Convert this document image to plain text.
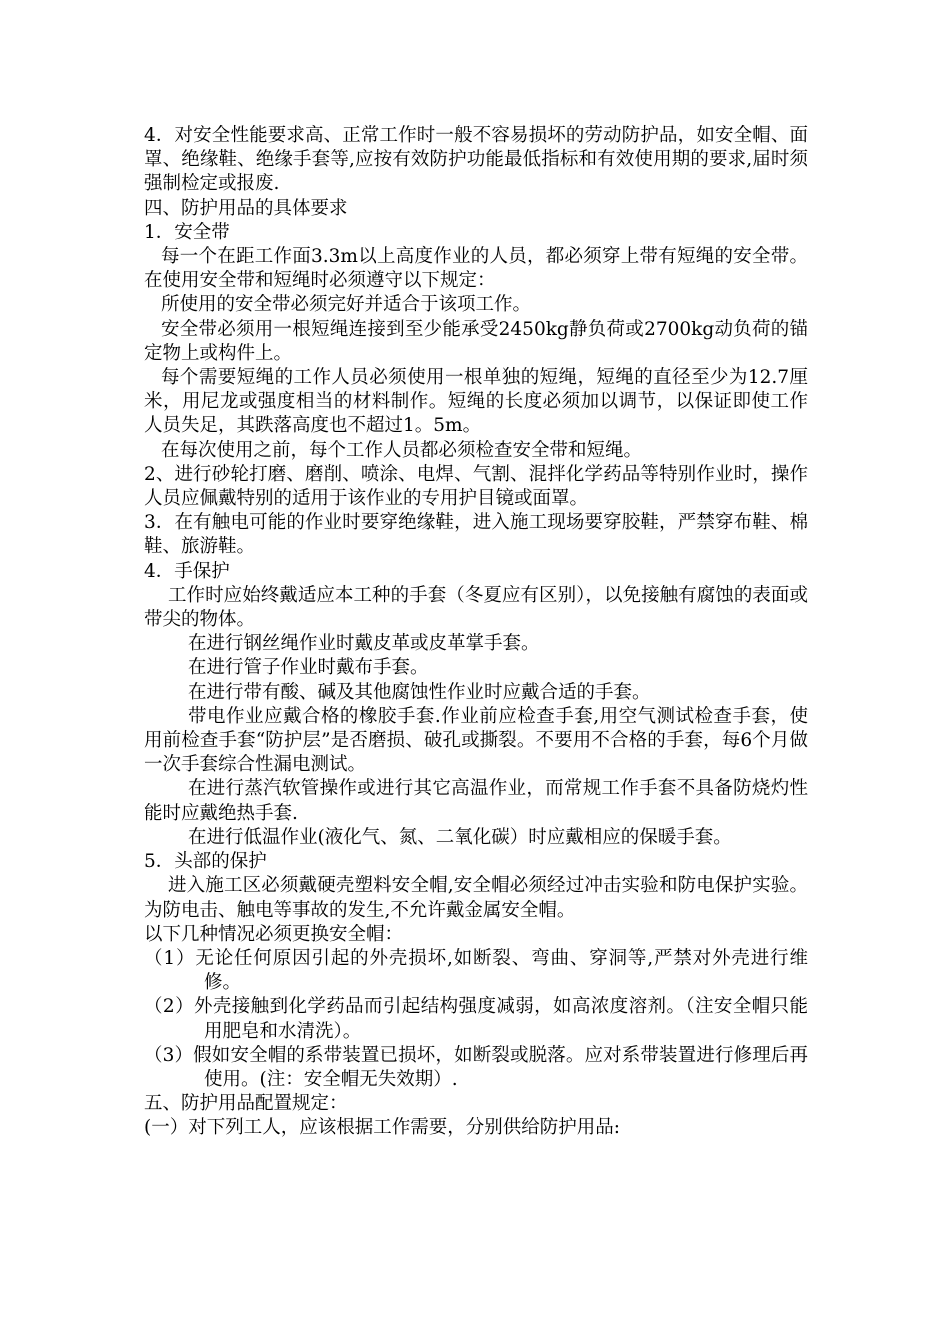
4．对安全性能要求高、正常工作时一般不容易损坏的劳动防护品，如安全帽、面罩、绝缘鞋、绝缘手套等,应按有效防护功能最低指标和有效使用期的要求,届时须强制检定或报废.

四、防护用品的具体要求

1．安全带

每一个在距工作面3.3m以上高度作业的人员，都必须穿上带有短绳的安全带。在使用安全带和短绳时必须遵守以下规定：

所使用的安全带必须完好并适合于该项工作。

安全带必须用一根短绳连接到至少能承受2450kg静负荷或2700kg动负荷的锚定物上或构件上。

每个需要短绳的工作人员必须使用一根单独的短绳，短绳的直径至少为12.7厘米，用尼龙或强度相当的材料制作。短绳的长度必须加以调节，以保证即使工作人员失足，其跌落高度也不超过1。5m。

在每次使用之前，每个工作人员都必须检查安全带和短绳。

2、进行砂轮打磨、磨削、喷涂、电焊、气割、混拌化学药品等特别作业时，操作人员应佩戴特别的适用于该作业的专用护目镜或面罩。

3．在有触电可能的作业时要穿绝缘鞋，进入施工现场要穿胶鞋，严禁穿布鞋、棉鞋、旅游鞋。

4．手保护

工作时应始终戴适应本工种的手套（冬夏应有区别），以免接触有腐蚀的表面或带尖的物体。

在进行钢丝绳作业时戴皮革或皮革掌手套。

在进行管子作业时戴布手套。

在进行带有酸、碱及其他腐蚀性作业时应戴合适的手套。

带电作业应戴合格的橡胶手套.作业前应检查手套,用空气测试检查手套，使用前检查手套“防护层”是否磨损、破孔或撕裂。不要用不合格的手套，每6个月做一次手套综合性漏电测试。

在进行蒸汽软管操作或进行其它高温作业，而常规工作手套不具备防烧灼性能时应戴绝热手套.

在进行低温作业(液化气、氮、二氧化碳）时应戴相应的保暖手套。

5．头部的保护

进入施工区必须戴硬壳塑料安全帽,安全帽必须经过冲击实验和防电保护实验。为防电击、触电等事故的发生,不允许戴金属安全帽。

以下几种情况必须更换安全帽：

（1）无论任何原因引起的外壳损坏,如断裂、弯曲、穿洞等,严禁对外壳进行维修。

（2）外壳接触到化学药品而引起结构强度减弱，如高浓度溶剂。（注安全帽只能用肥皂和水清洗）。

（3）假如安全帽的系带装置已损坏，如断裂或脱落。应对系带装置进行修理后再使用。(注：安全帽无失效期）.

五、防护用品配置规定：

(一）对下列工人，应该根据工作需要，分别供给防护用品:
